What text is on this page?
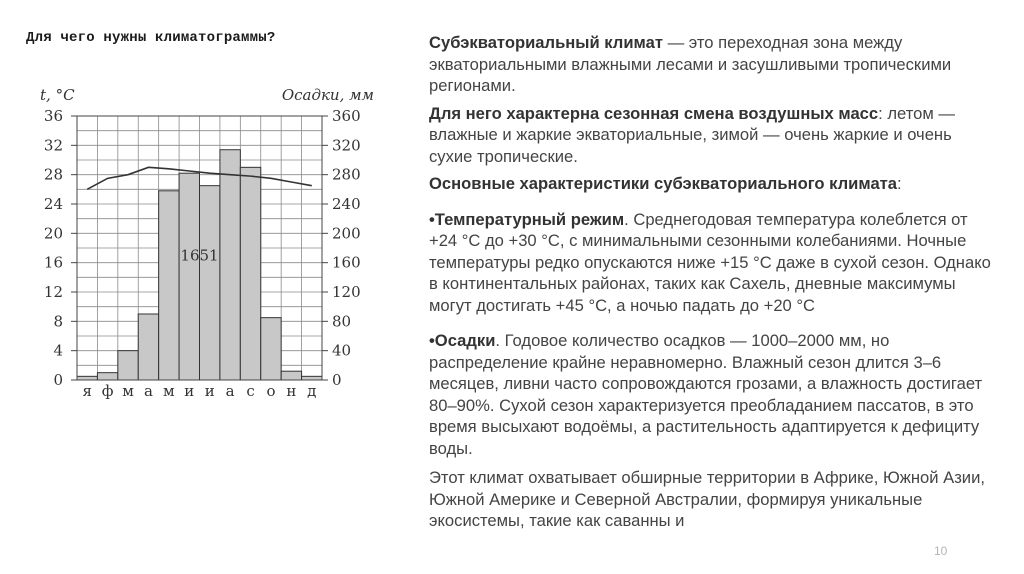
Для чего нужны климатограммы?
1651
0
4
8
12
16
20
24
28
32
36
0
40
80
120
160
200
240
280
320
360
t, °C	Осадки, мм
я ф м а м и и а с о н д

Субэкваториальный климат — это переходная зона между экваториальными влажными лесами и засушливыми тропическими регионами.

Для него характерна сезонная смена воздушных масс: летом — влажные и жаркие экваториальные, зимой — очень жаркие и очень сухие тропические.

Основные характеристики субэкваториального климата:

•Температурный режим. Среднегодовая температура колеблется от +24 °C до +30 °C, с минимальными сезонными колебаниями. Ночные температуры редко опускаются ниже +15 °C даже в сухой сезон. Однако в континентальных районах, таких как Сахель, дневные максимумы могут достигать +45 °C, а ночью падать до +20 °C

•Осадки. Годовое количество осадков — 1000–2000 мм, но распределение крайне неравномерно. Влажный сезон длится 3–6 месяцев, ливни часто сопровождаются грозами, а влажность достигает 80–90%. Сухой сезон характеризуется преобладанием пассатов, в это время высыхают водоёмы, а растительность адаптируется к дефициту воды.

Этот климат охватывает обширные территории в Африке, Южной Азии, Южной Америке и Северной Австралии, формируя уникальные экосистемы, такие как саванны и

10
